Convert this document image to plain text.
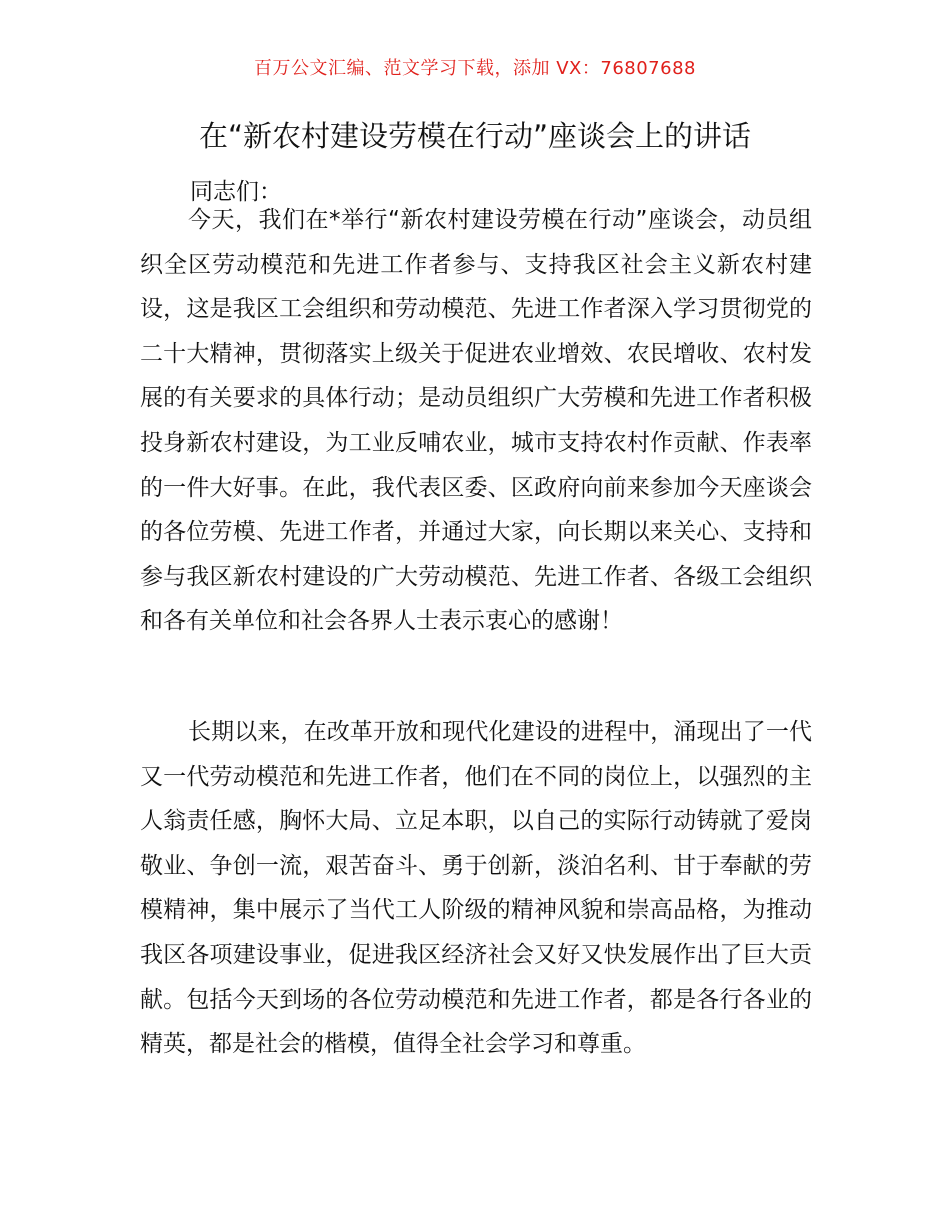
百万公文汇编、范文学习下载，添加 VX：76807688
在“新农村建设劳模在行动”座谈会上的讲话
同志们：

今天，我们在*举行“新农村建设劳模在行动”座谈会，动员组织全区劳动模范和先进工作者参与、支持我区社会主义新农村建设，这是我区工会组织和劳动模范、先进工作者深入学习贯彻党的二十大精神，贯彻落实上级关于促进农业增效、农民增收、农村发展的有关要求的具体行动；是动员组织广大劳模和先进工作者积极投身新农村建设，为工业反哺农业，城市支持农村作贡献、作表率的一件大好事。在此，我代表区委、区政府向前来参加今天座谈会的各位劳模、先进工作者，并通过大家，向长期以来关心、支持和参与我区新农村建设的广大劳动模范、先进工作者、各级工会组织和各有关单位和社会各界人士表示衷心的感谢！

长期以来，在改革开放和现代化建设的进程中，涌现出了一代又一代劳动模范和先进工作者，他们在不同的岗位上，以强烈的主人翁责任感，胸怀大局、立足本职，以自己的实际行动铸就了爱岗敬业、争创一流，艰苦奋斗、勇于创新，淡泊名利、甘于奉献的劳模精神，集中展示了当代工人阶级的精神风貌和崇高品格，为推动我区各项建设事业，促进我区经济社会又好又快发展作出了巨大贡献。包括今天到场的各位劳动模范和先进工作者，都是各行各业的精英，都是社会的楷模，值得全社会学习和尊重。
